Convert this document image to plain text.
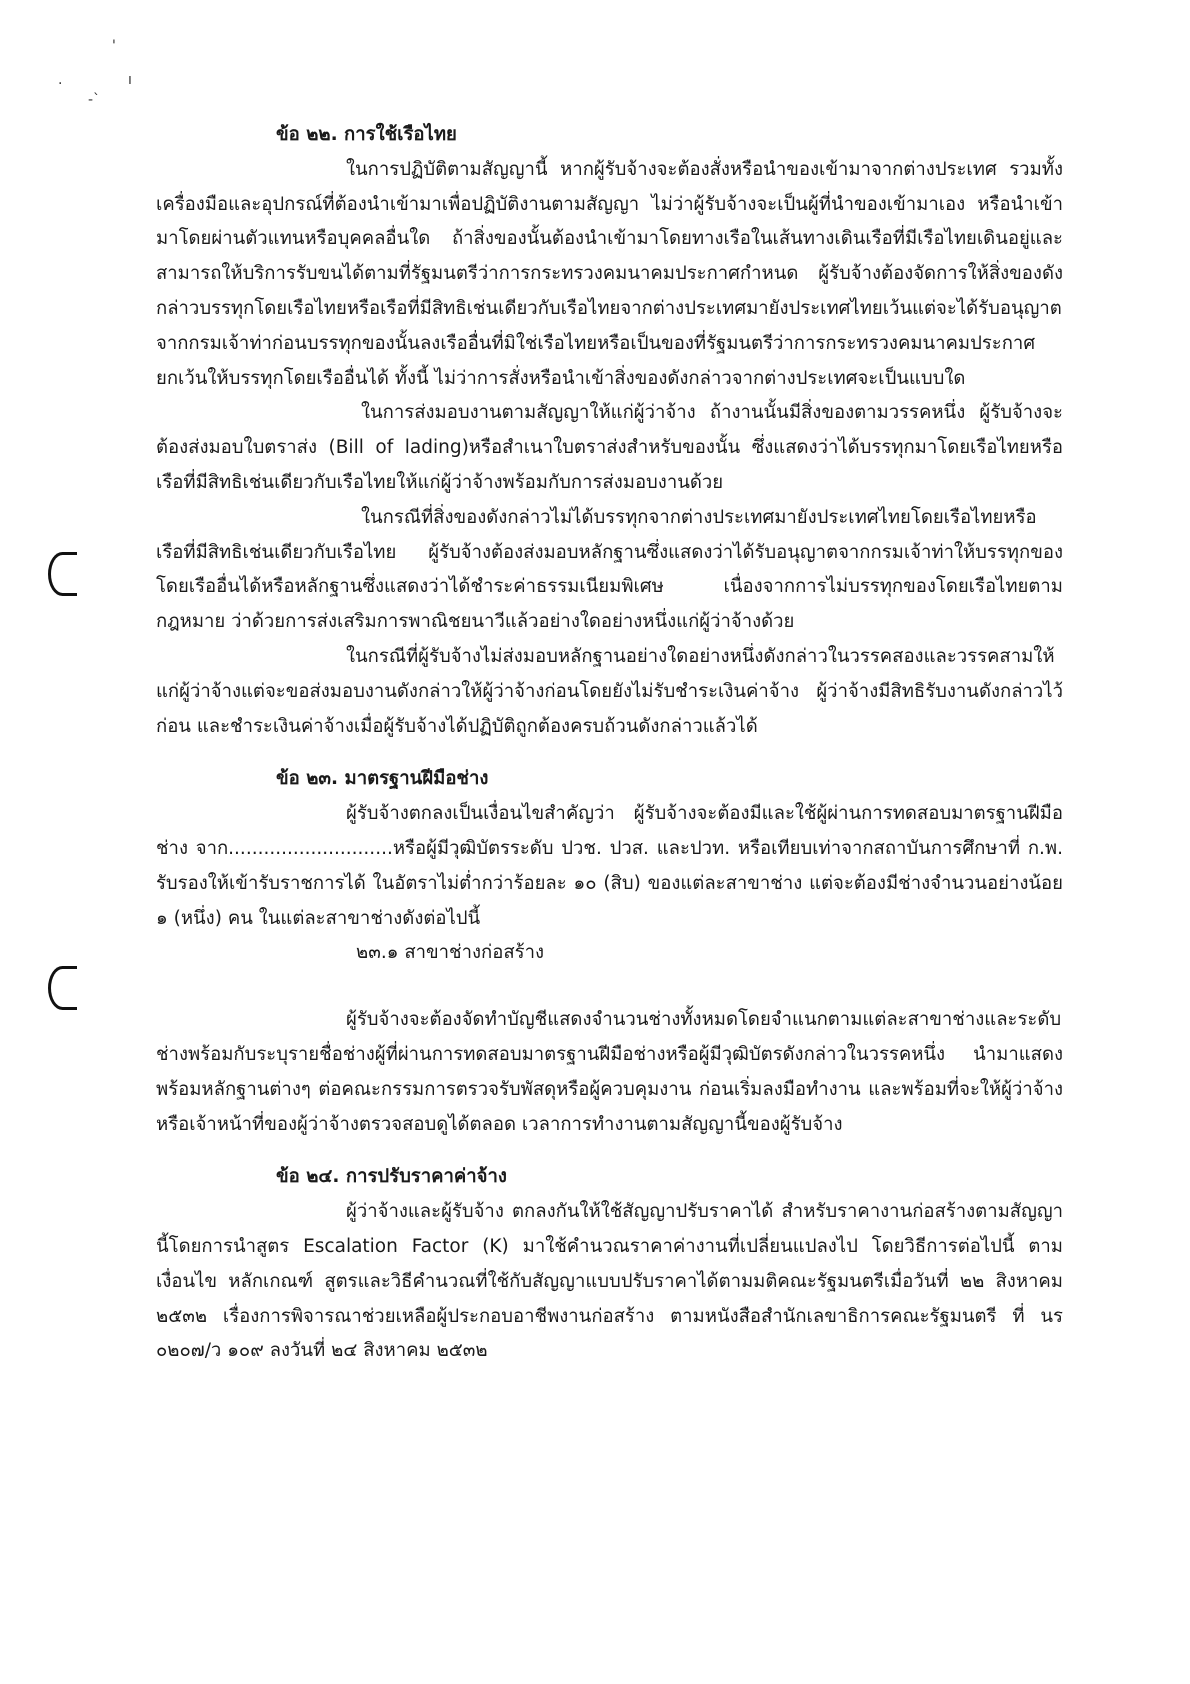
'
.	ı
-ˋ
ข้อ ๒๒. การใช้เรือไทย

ในการปฏิบัติตามสัญญานี้ หากผู้รับจ้างจะต้องสั่งหรือนำของเข้ามาจากต่างประเทศ รวมทั้งเครื่องมือและอุปกรณ์ที่ต้องนำเข้ามาเพื่อปฏิบัติงานตามสัญญา ไม่ว่าผู้รับจ้างจะเป็นผู้ที่นำของเข้ามาเอง หรือนำเข้ามาโดยผ่านตัวแทนหรือบุคคลอื่นใด ถ้าสิ่งของนั้นต้องนำเข้ามาโดยทางเรือในเส้นทางเดินเรือที่มีเรือไทยเดินอยู่และสามารถให้บริการรับขนได้ตามที่รัฐมนตรีว่าการกระทรวงคมนาคมประกาศกำหนด ผู้รับจ้างต้องจัดการให้สิ่งของดังกล่าวบรรทุกโดยเรือไทยหรือเรือที่มีสิทธิเช่นเดียวกับเรือไทยจากต่างประเทศมายังประเทศไทยเว้นแต่จะได้รับอนุญาตจากกรมเจ้าท่าก่อนบรรทุกของนั้นลงเรืออื่นที่มิใช่เรือไทยหรือเป็นของที่รัฐมนตรีว่าการกระทรวงคมนาคมประกาศยกเว้นให้บรรทุกโดยเรืออื่นได้ ทั้งนี้ ไม่ว่าการสั่งหรือนำเข้าสิ่งของดังกล่าวจากต่างประเทศจะเป็นแบบใด

ในการส่งมอบงานตามสัญญาให้แก่ผู้ว่าจ้าง ถ้างานนั้นมีสิ่งของตามวรรคหนึ่ง ผู้รับจ้างจะต้องส่งมอบใบตราส่ง (Bill of lading)หรือสำเนาใบตราส่งสำหรับของนั้น ซึ่งแสดงว่าได้บรรทุกมาโดยเรือไทยหรือเรือที่มีสิทธิเช่นเดียวกับเรือไทยให้แก่ผู้ว่าจ้างพร้อมกับการส่งมอบงานด้วย

ในกรณีที่สิ่งของดังกล่าวไม่ได้บรรทุกจากต่างประเทศมายังประเทศไทยโดยเรือไทยหรือเรือที่มีสิทธิเช่นเดียวกับเรือไทย ผู้รับจ้างต้องส่งมอบหลักฐานซึ่งแสดงว่าได้รับอนุญาตจากกรมเจ้าท่าให้บรรทุกของโดยเรืออื่นได้หรือหลักฐานซึ่งแสดงว่าได้ชำระค่าธรรมเนียมพิเศษ เนื่องจากการไม่บรรทุกของโดยเรือไทยตามกฎหมาย ว่าด้วยการส่งเสริมการพาณิชยนาวีแล้วอย่างใดอย่างหนึ่งแก่ผู้ว่าจ้างด้วย

ในกรณีที่ผู้รับจ้างไม่ส่งมอบหลักฐานอย่างใดอย่างหนึ่งดังกล่าวในวรรคสองและวรรคสามให้แก่ผู้ว่าจ้างแต่จะขอส่งมอบงานดังกล่าวให้ผู้ว่าจ้างก่อนโดยยังไม่รับชำระเงินค่าจ้าง ผู้ว่าจ้างมีสิทธิรับงานดังกล่าวไว้ก่อน และชำระเงินค่าจ้างเมื่อผู้รับจ้างได้ปฏิบัติถูกต้องครบถ้วนดังกล่าวแล้วได้

ข้อ ๒๓. มาตรฐานฝีมือช่าง

ผู้รับจ้างตกลงเป็นเงื่อนไขสำคัญว่า ผู้รับจ้างจะต้องมีและใช้ผู้ผ่านการทดสอบมาตรฐานฝีมือช่าง จาก............................หรือผู้มีวุฒิบัตรระดับ ปวช. ปวส. และปวท. หรือเทียบเท่าจากสถาบันการศึกษาที่ ก.พ. รับรองให้เข้ารับราชการได้ ในอัตราไม่ต่ำกว่าร้อยละ ๑๐ (สิบ) ของแต่ละสาขาช่าง แต่จะต้องมีช่างจำนวนอย่างน้อย ๑ (หนึ่ง) คน ในแต่ละสาขาช่างดังต่อไปนี้

๒๓.๑ สาขาช่างก่อสร้าง

ผู้รับจ้างจะต้องจัดทำบัญชีแสดงจำนวนช่างทั้งหมดโดยจำแนกตามแต่ละสาขาช่างและระดับช่างพร้อมกับระบุรายชื่อช่างผู้ที่ผ่านการทดสอบมาตรฐานฝีมือช่างหรือผู้มีวุฒิบัตรดังกล่าวในวรรคหนึ่ง นำมาแสดงพร้อมหลักฐานต่างๆ ต่อคณะกรรมการตรวจรับพัสดุหรือผู้ควบคุมงาน ก่อนเริ่มลงมือทำงาน และพร้อมที่จะให้ผู้ว่าจ้างหรือเจ้าหน้าที่ของผู้ว่าจ้างตรวจสอบดูได้ตลอด เวลาการทำงานตามสัญญานี้ของผู้รับจ้าง

ข้อ ๒๔. การปรับราคาค่าจ้าง

ผู้ว่าจ้างและผู้รับจ้าง ตกลงกันให้ใช้สัญญาปรับราคาได้ สำหรับราคางานก่อสร้างตามสัญญานี้โดยการนำสูตร Escalation Factor (K) มาใช้คำนวณราคาค่างานที่เปลี่ยนแปลงไป โดยวิธีการต่อไปนี้ ตามเงื่อนไข หลักเกณฑ์ สูตรและวิธีคำนวณที่ใช้กับสัญญาแบบปรับราคาได้ตามมติคณะรัฐมนตรีเมื่อวันที่ ๒๒ สิงหาคม ๒๕๓๒ เรื่องการพิจารณาช่วยเหลือผู้ประกอบอาชีพงานก่อสร้าง ตามหนังสือสำนักเลขาธิการคณะรัฐมนตรี ที่ นร ๐๒๐๗/ว ๑๐๙ ลงวันที่ ๒๔ สิงหาคม ๒๕๓๒
